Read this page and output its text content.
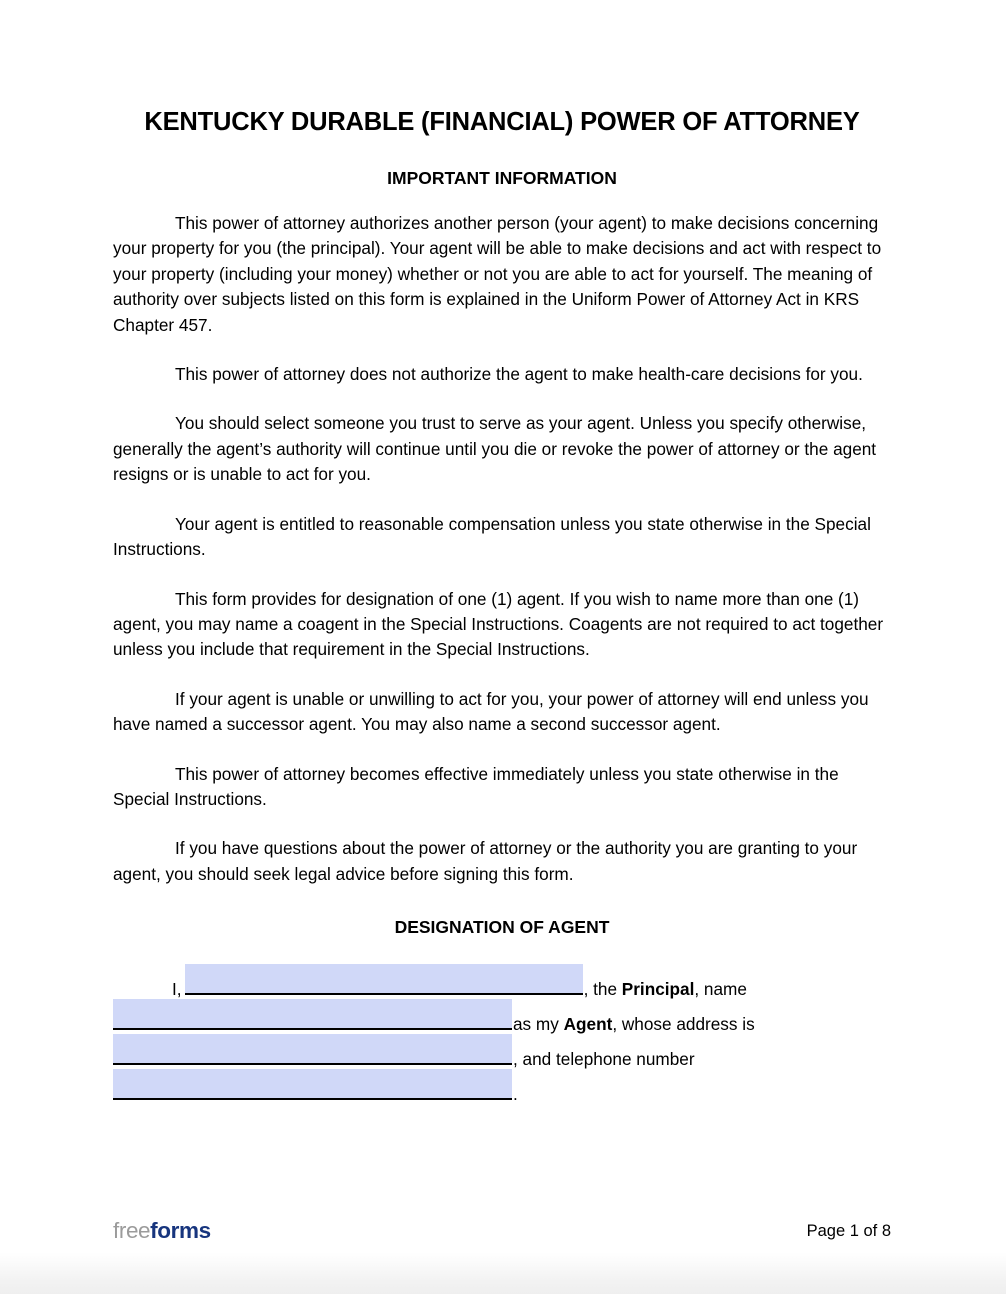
KENTUCKY DURABLE (FINANCIAL) POWER OF ATTORNEY
IMPORTANT INFORMATION

This power of attorney authorizes another person (your agent) to make decisions concerning your property for you (the principal). Your agent will be able to make decisions and act with respect to your property (including your money) whether or not you are able to act for yourself. The meaning of authority over subjects listed on this form is explained in the Uniform Power of Attorney Act in KRS Chapter 457.

This power of attorney does not authorize the agent to make health-care decisions for you.

You should select someone you trust to serve as your agent. Unless you specify otherwise, generally the agent’s authority will continue until you die or revoke the power of attorney or the agent resigns or is unable to act for you.

Your agent is entitled to reasonable compensation unless you state otherwise in the Special Instructions.

This form provides for designation of one (1) agent. If you wish to name more than one (1) agent, you may name a coagent in the Special Instructions. Coagents are not required to act together unless you include that requirement in the Special Instructions.

If your agent is unable or unwilling to act for you, your power of attorney will end unless you have named a successor agent. You may also name a second successor agent.

This power of attorney becomes effective immediately unless you state otherwise in the Special Instructions.

If you have questions about the power of attorney or the authority you are granting to your agent, you should seek legal advice before signing this form.

DESIGNATION OF AGENT
I,	, the Principal, name
as my Agent, whose address is
, and telephone number
.
freeforms	Page 1 of 8
